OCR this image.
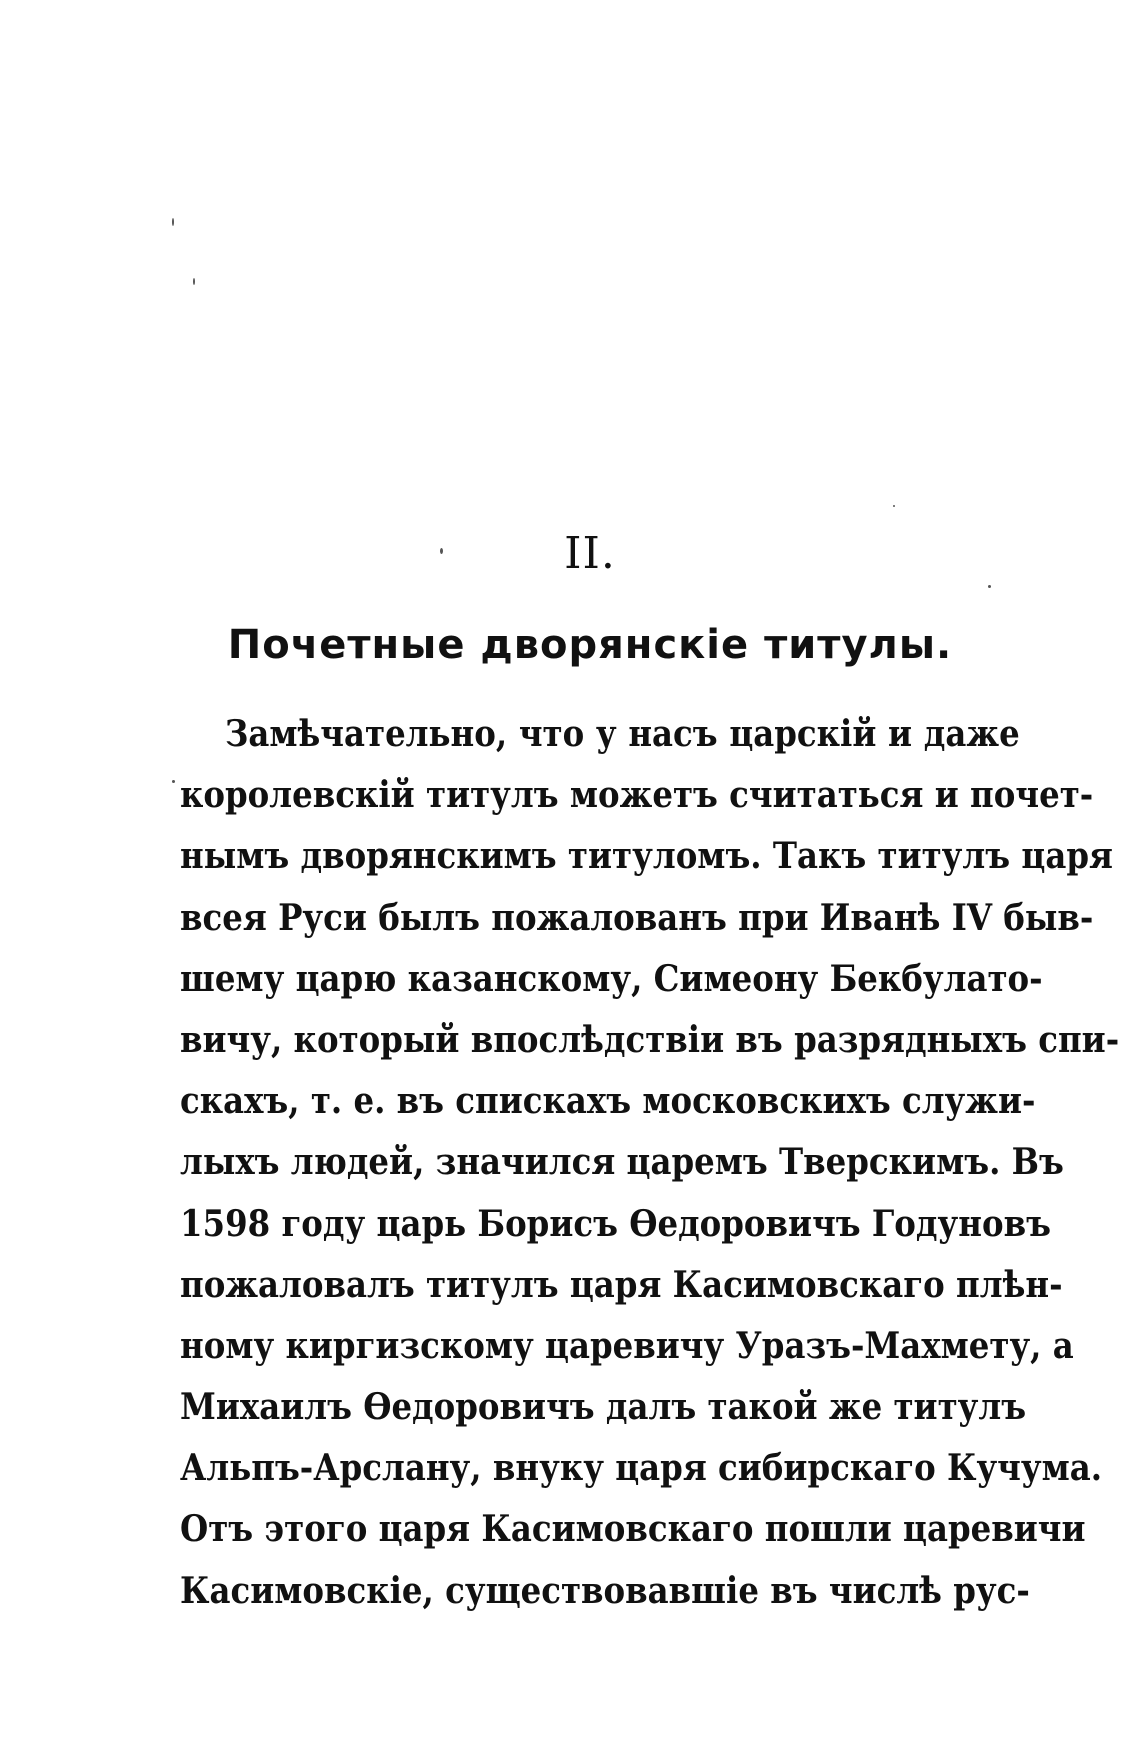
II.
Почетные дворянскіе титулы.
Замѣчательно, что у насъ царскій и даже
королевскій титулъ можетъ считаться и почет-
нымъ дворянскимъ титуломъ. Такъ титулъ царя
всея Руси былъ пожалованъ при Иванѣ IV быв-
шему царю казанскому, Симеону Бекбулато-
вичу, который впослѣдствіи въ разрядныхъ спи-
скахъ, т. е. въ спискахъ московскихъ служи-
лыхъ людей, значился царемъ Тверскимъ. Въ
1598 году царь Борисъ Ѳедоровичъ Годуновъ
пожаловалъ титулъ царя Касимовскаго плѣн-
ному киргизскому царевичу Уразъ-Махмету, а
Михаилъ Ѳедоровичъ далъ такой же титулъ
Альпъ-Арслану, внуку царя сибирскаго Кучума.
Отъ этого царя Касимовскаго пошли царевичи
Касимовскіе, существовавшіе въ числѣ рус-
